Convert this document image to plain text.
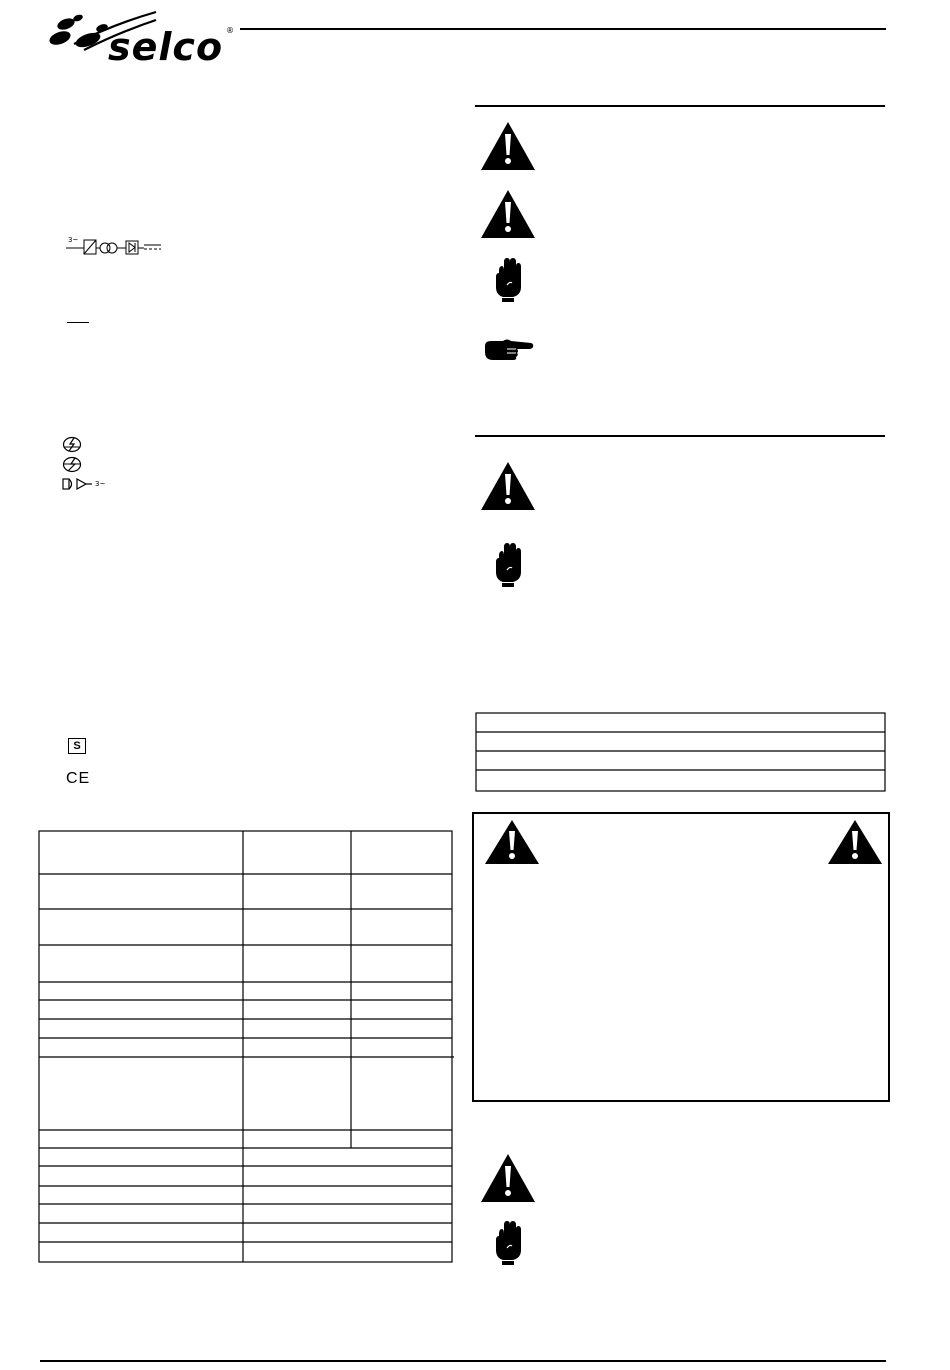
selco ®
3~
3~
S
CE
